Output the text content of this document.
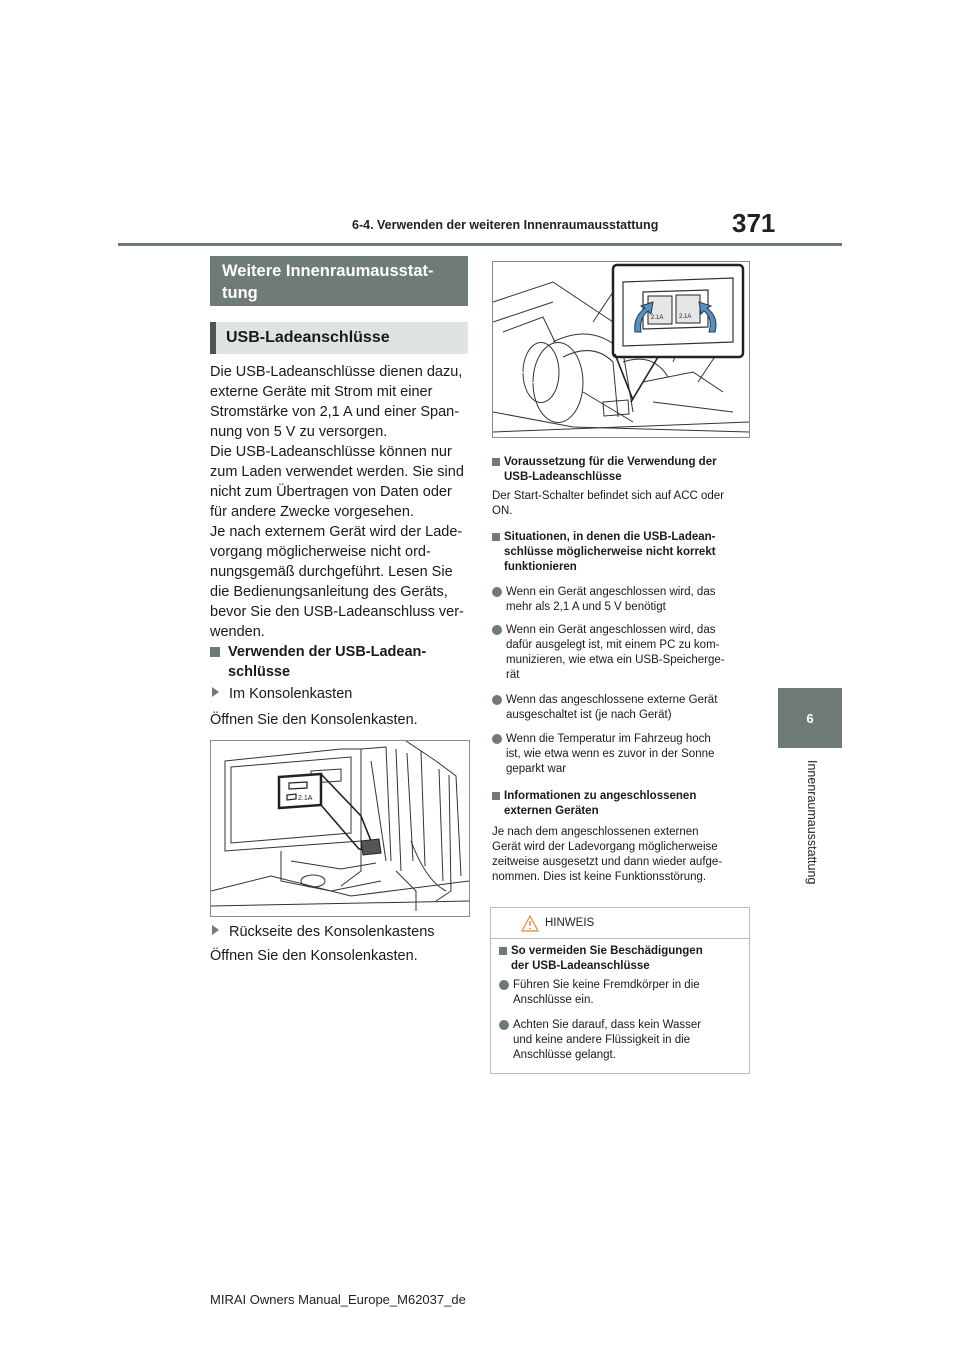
6-4. Verwenden der weiteren Innenraumausstattung	371
6
Innenraumausstattung
Weitere Innenraumausstat-
tung
USB-Ladeanschlüsse
Die USB-Ladeanschlüsse dienen dazu,
externe Geräte mit Strom mit einer
Stromstärke von 2,1 A und einer Span-
nung von 5 V zu versorgen.
Die USB-Ladeanschlüsse können nur
zum Laden verwendet werden. Sie sind
nicht zum Übertragen von Daten oder
für andere Zwecke vorgesehen.
Je nach externem Gerät wird der Lade-
vorgang möglicherweise nicht ord-
nungsgemäß durchgeführt. Lesen Sie
die Bedienungsanleitung des Geräts,
bevor Sie den USB-Ladeanschluss ver-
wenden.
Verwenden der USB-Ladean-
schlüsse
Im Konsolenkasten
Öffnen Sie den Konsolenkasten.
2.1A
Rückseite des Konsolenkastens
Öffnen Sie den Konsolenkasten.
2.1A	2.1A
Voraussetzung für die Verwendung der
USB-Ladeanschlüsse
Der Start-Schalter befindet sich auf ACC oder
ON.
Situationen, in denen die USB-Ladean-
schlüsse möglicherweise nicht korrekt
funktionieren
Wenn ein Gerät angeschlossen wird, das
mehr als 2,1 A und 5 V benötigt
Wenn ein Gerät angeschlossen wird, das
dafür ausgelegt ist, mit einem PC zu kom-
munizieren, wie etwa ein USB-Speicherge-
rät
Wenn das angeschlossene externe Gerät
ausgeschaltet ist (je nach Gerät)
Wenn die Temperatur im Fahrzeug hoch
ist, wie etwa wenn es zuvor in der Sonne
geparkt war
Informationen zu angeschlossenen
externen Geräten
Je nach dem angeschlossenen externen
Gerät wird der Ladevorgang möglicherweise
zeitweise ausgesetzt und dann wieder aufge-
nommen. Dies ist keine Funktionsstörung.
HINWEIS
So vermeiden Sie Beschädigungen
der USB-Ladeanschlüsse
Führen Sie keine Fremdkörper in die
Anschlüsse ein.
Achten Sie darauf, dass kein Wasser
und keine andere Flüssigkeit in die
Anschlüsse gelangt.
MIRAI Owners Manual_Europe_M62037_de
